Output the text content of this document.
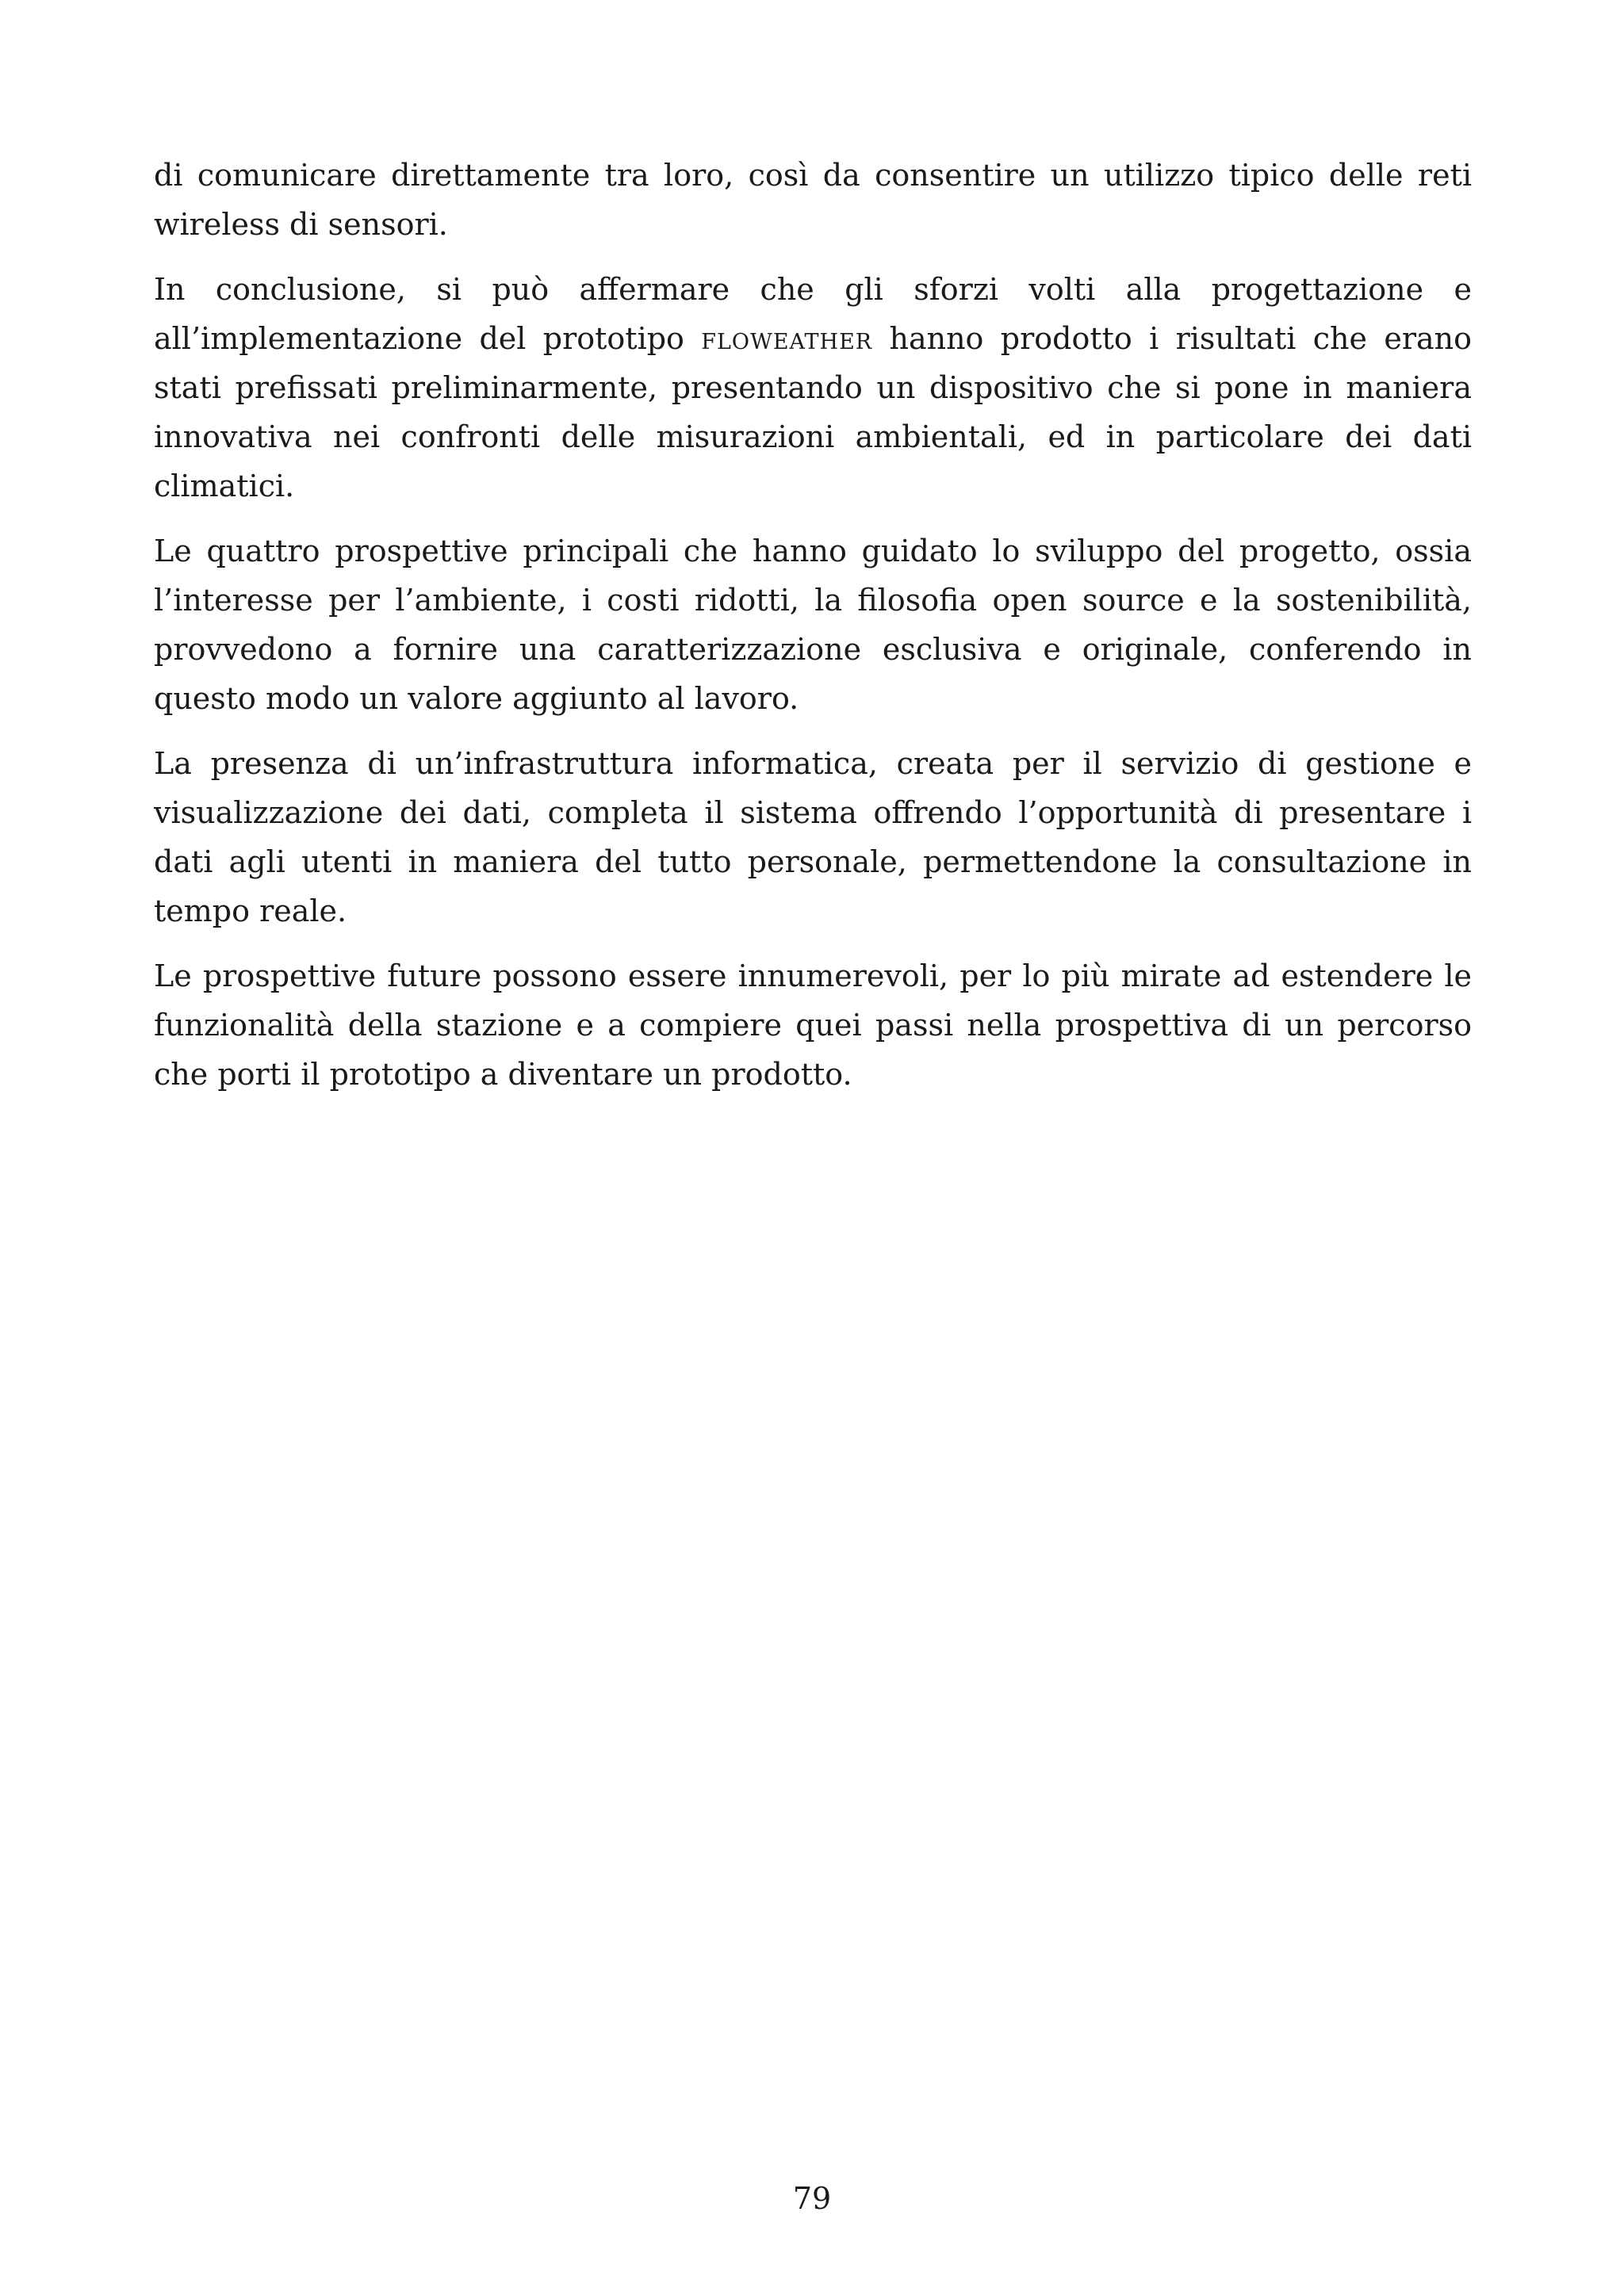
di comunicare direttamente tra loro, così da consentire un utilizzo tipico delle reti wireless di sensori.

In conclusione, si può affermare che gli sforzi volti alla progettazione e all’implementazione del prototipo floweather hanno prodotto i risultati che erano stati prefissati preliminarmente, presentando un dispositivo che si pone in maniera innovativa nei confronti delle misurazioni ambientali, ed in particolare dei dati climatici.

Le quattro prospettive principali che hanno guidato lo sviluppo del progetto, ossia l’interesse per l’ambiente, i costi ridotti, la filosofia open source e la sostenibilità, provvedono a fornire una caratterizzazione esclusiva e originale, conferendo in questo modo un valore aggiunto al lavoro.

La presenza di un’infrastruttura informatica, creata per il servizio di gestione e visualizzazione dei dati, completa il sistema offrendo l’opportunità di presentare i dati agli utenti in maniera del tutto personale, permettendone la consultazione in tempo reale.

Le prospettive future possono essere innumerevoli, per lo più mirate ad estendere le funzionalità della stazione e a compiere quei passi nella prospettiva di un percorso che porti il prototipo a diventare un prodotto.

79
